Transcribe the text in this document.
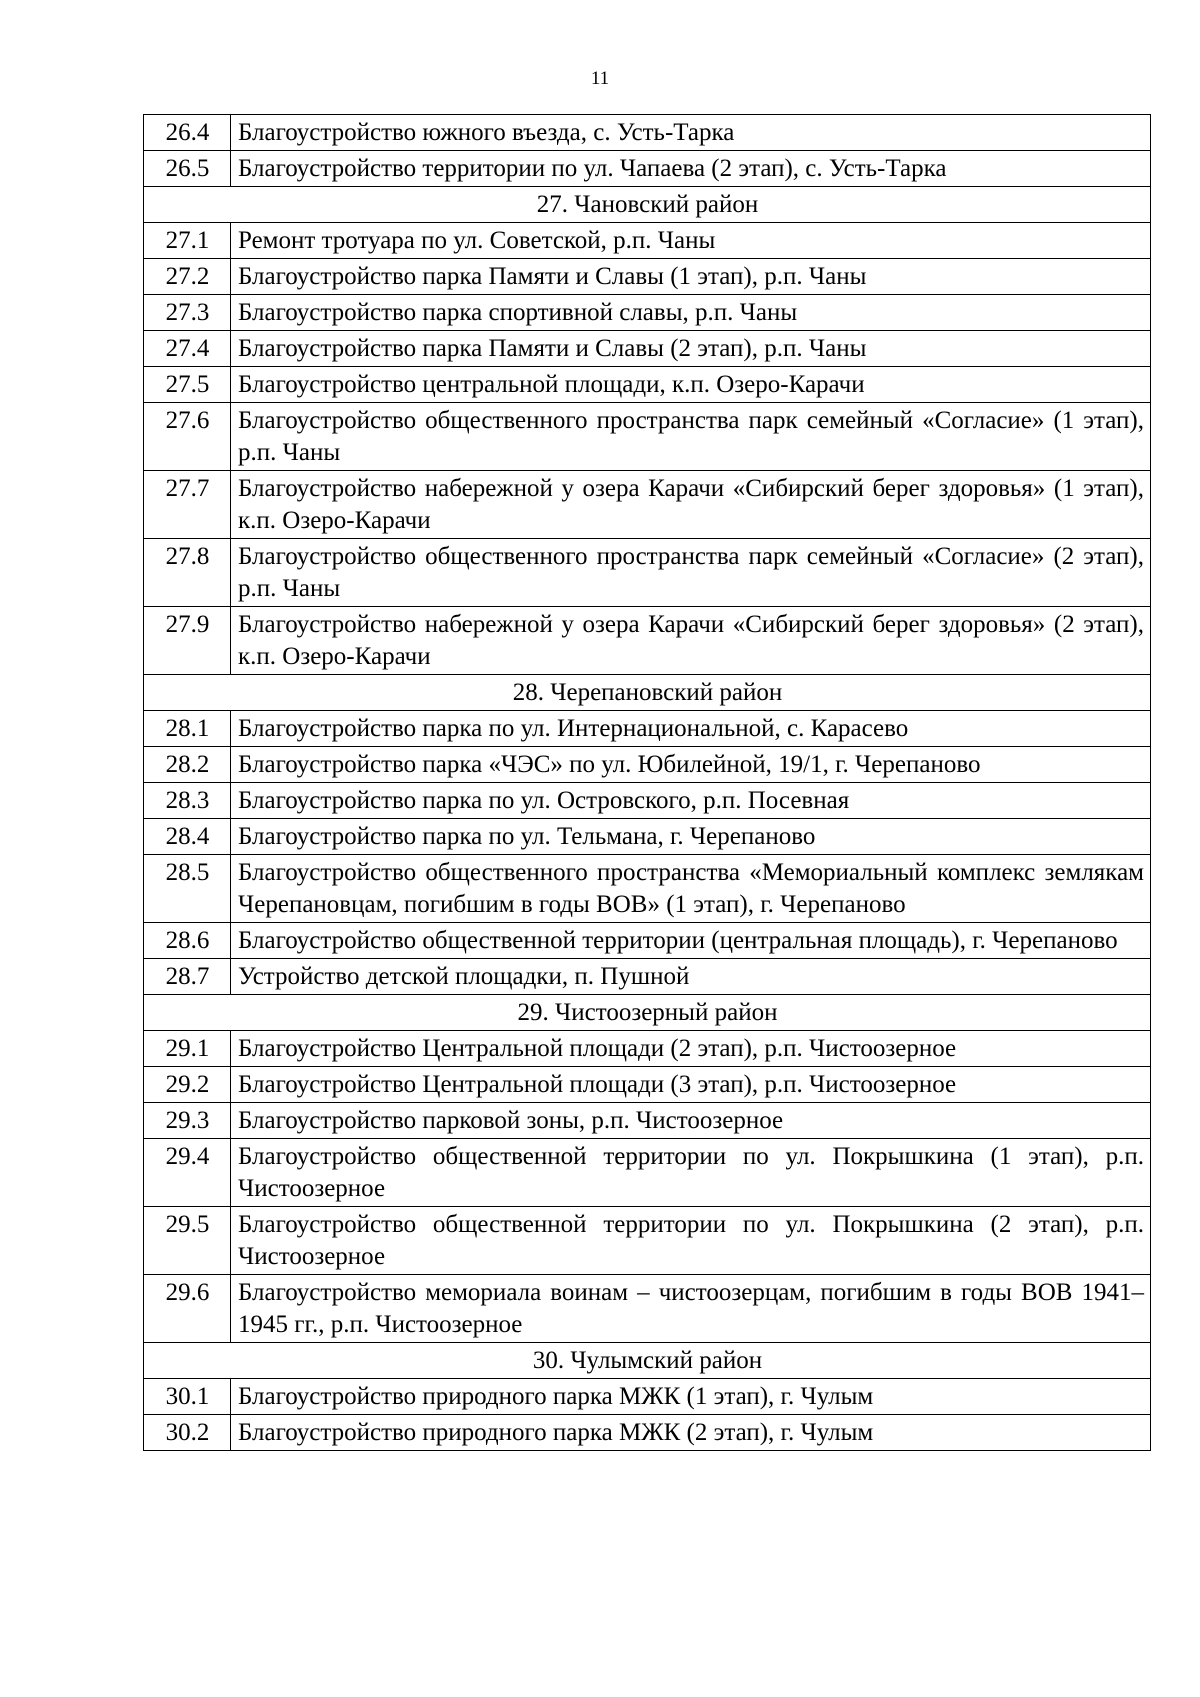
11
26.4	Благоустройство южного въезда, с. Усть-Тарка
26.5	Благоустройство территории по ул. Чапаева (2 этап), с. Усть-Тарка
27. Чановский район	
27.1	Ремонт тротуара по ул. Советской, р.п. Чаны
27.2	Благоустройство парка Памяти и Славы (1 этап), р.п. Чаны
27.3	Благоустройство парка спортивной славы, р.п. Чаны
27.4	Благоустройство парка Памяти и Славы (2 этап), р.п. Чаны
27.5	Благоустройство центральной площади, к.п. Озеро-Карачи
27.6	Благоустройство общественного пространства парк семейный «Согласие» (1 этап), р.п. Чаны
27.7	Благоустройство набережной у озера Карачи «Сибирский берег здоровья» (1 этап), к.п. Озеро-Карачи
27.8	Благоустройство общественного пространства парк семейный «Согласие» (2 этап), р.п. Чаны
27.9	Благоустройство набережной у озера Карачи «Сибирский берег здоровья» (2 этап), к.п. Озеро-Карачи
28. Черепановский район	
28.1	Благоустройство парка по ул. Интернациональной, с. Карасево
28.2	Благоустройство парка «ЧЭС» по ул. Юбилейной, 19/1, г. Черепаново
28.3	Благоустройство парка по ул. Островского, р.п. Посевная
28.4	Благоустройство парка по ул. Тельмана, г. Черепаново
28.5	Благоустройство общественного пространства «Мемориальный комплекс землякам Черепановцам, погибшим в годы ВОВ» (1 этап), г. Черепаново
28.6	Благоустройство общественной территории (центральная площадь), г. Черепаново
28.7	Устройство детской площадки, п. Пушной
29. Чистоозерный район	
29.1	Благоустройство Центральной площади (2 этап), р.п. Чистоозерное
29.2	Благоустройство Центральной площади (3 этап), р.п. Чистоозерное
29.3	Благоустройство парковой зоны, р.п. Чистоозерное
29.4	Благоустройство общественной территории по ул. Покрышкина (1 этап), р.п. Чистоозерное
29.5	Благоустройство общественной территории по ул. Покрышкина (2 этап), р.п. Чистоозерное
29.6	Благоустройство мемориала воинам – чистоозерцам, погибшим в годы ВОВ 1941–1945 гг., р.п. Чистоозерное
30. Чулымский район	
30.1	Благоустройство природного парка МЖК (1 этап), г. Чулым
30.2	Благоустройство природного парка МЖК (2 этап), г. Чулым
